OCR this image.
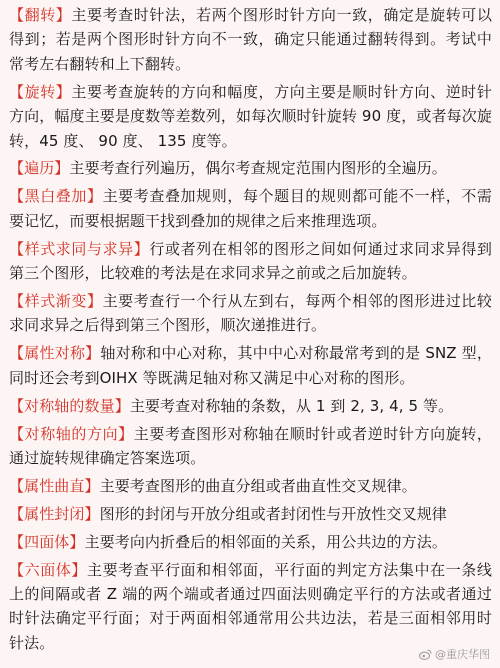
【翻转】主要考查时针法，若两个图形时针方向一致，确定是旋转可以得到；若是两个图形时针方向不一致，确定只能通过翻转得到。考试中常考左右翻转和上下翻转。

【旋转】主要考查旋转的方向和幅度，方向主要是顺时针方向、逆时针方向，幅度主要是度数等差数列，如每次顺时针旋转 90 度，或者每次旋转，45 度、 90 度、 135 度等。

【遍历】主要考查行列遍历，偶尔考查规定范围内图形的全遍历。

【黑白叠加】主要考查叠加规则，每个题目的规则都可能不一样，不需要记忆，而要根据题干找到叠加的规律之后来推理选项。

【样式求同与求异】行或者列在相邻的图形之间如何通过求同求异得到第三个图形，比较难的考法是在求同求异之前或之后加旋转。

【样式渐变】主要考查行一个行从左到右，每两个相邻的图形进过比较求同求异之后得到第三个图形，顺次递推进行。

【属性对称】轴对称和中心对称，其中中心对称最常考到的是 SNZ 型，同时还会考到OIHX 等既满足轴对称又满足中心对称的图形。

【对称轴的数量】主要考查对称轴的条数，从 1 到 2, 3, 4, 5 等。

【对称轴的方向】主要考查图形对称轴在顺时针或者逆时针方向旋转，通过旋转规律确定答案选项。

【属性曲直】主要考查图形的曲直分组或者曲直性交叉规律。

【属性封闭】图形的封闭与开放分组或者封闭性与开放性交叉规律

【四面体】主要考向内折叠后的相邻面的关系，用公共边的方法。

【六面体】主要考查平行面和相邻面，平行面的判定方法集中在一条线上的间隔或者 Z 端的两个端或者通过四面法则确定平行的方法或者通过时针法确定平行面；对于两面相邻通常用公共边法，若是三面相邻用时针法。

@重庆华图
